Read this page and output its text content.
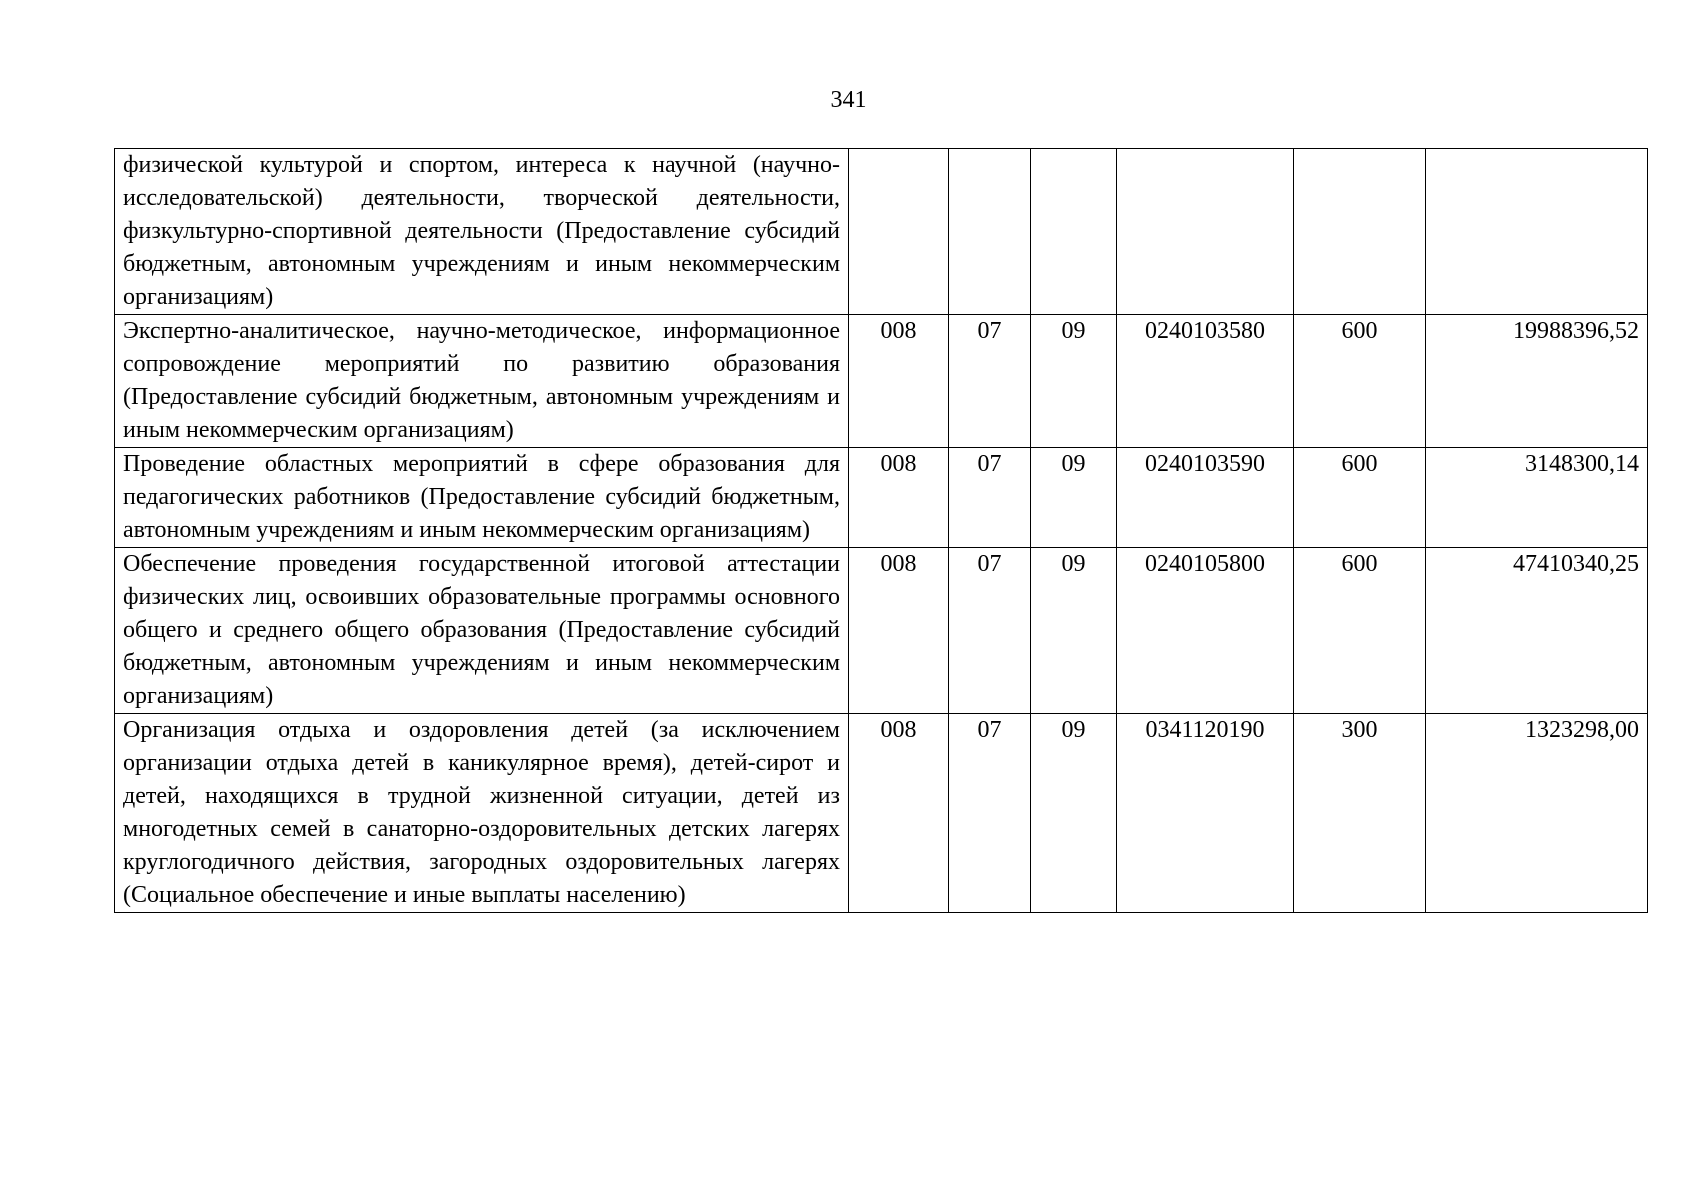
341
физической культурой и спортом, интереса к научной (научно-исследовательской) деятельности, творческой деятельности, физкультурно-спортивной деятельности (Предоставление субсидий бюджетным, автономным учреждениям и иным некоммерческим организациям)						
Экспертно-аналитическое, научно-методическое, информационное сопровождение мероприятий по развитию образования (Предоставление субсидий бюджетным, автономным учреждениям и иным некоммерческим организациям)	008	07	09	0240103580	600	19988396,52
Проведение областных мероприятий в сфере образования для педагогических работников (Предоставление субсидий бюджетным, автономным учреждениям и иным некоммерческим организациям)	008	07	09	0240103590	600	3148300,14
Обеспечение проведения государственной итоговой аттестации физических лиц, освоивших образовательные программы основного общего и среднего общего образования (Предоставление субсидий бюджетным, автономным учреждениям и иным некоммерческим организациям)	008	07	09	0240105800	600	47410340,25
Организация отдыха и оздоровления детей (за исключением организации отдыха детей в каникулярное время), детей-сирот и детей, находящихся в трудной жизненной ситуации, детей из многодетных семей в санаторно-оздоровительных детских лагерях круглогодичного действия, загородных оздоровительных лагерях (Социальное обеспечение и иные выплаты населению)	008	07	09	0341120190	300	1323298,00
